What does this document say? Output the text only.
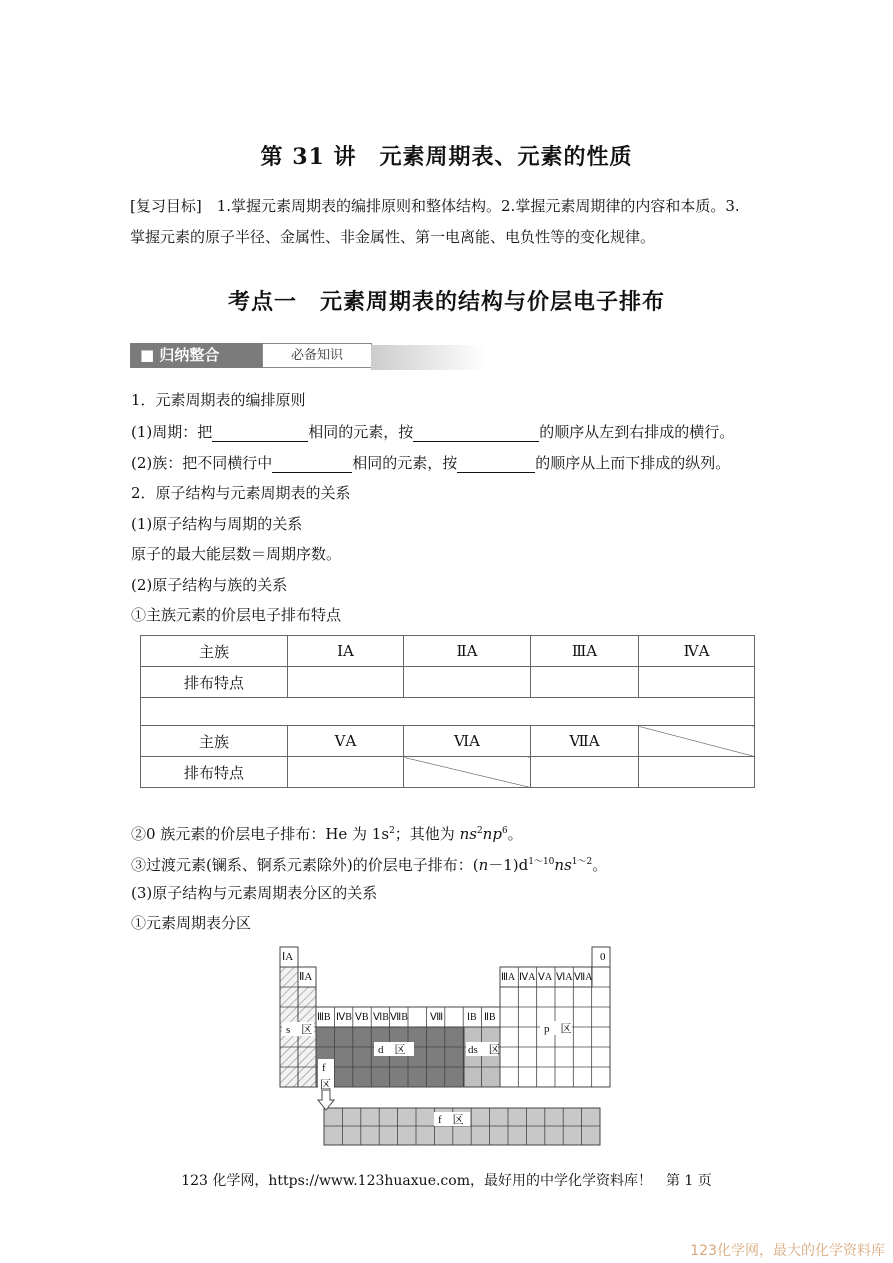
第 31 讲　元素周期表、元素的性质
[复习目标]　1.掌握元素周期表的编排原则和整体结构。2.掌握元素周期律的内容和本质。3.
掌握元素的原子半径、金属性、非金属性、第一电离能、电负性等的变化规律。
考点一　元素周期表的结构与价层电子排布
■ 归纳整合	必备知识
1．元素周期表的编排原则
(1)周期：把	相同的元素，按	的顺序从左到右排成的横行。
(2)族：把不同横行中	相同的元素，按	的顺序从上而下排成的纵列。
2．原子结构与元素周期表的关系
(1)原子结构与周期的关系
原子的最大能层数＝周期序数。
(2)原子结构与族的关系
①主族元素的价层电子排布特点
主族	ⅠA	ⅡA	ⅢA	ⅣA
排布特点				

主族	ⅤA	ⅥA	ⅦA	
排布特点				
②0 族元素的价层电子排布：He 为 $1s^2$；其他为 $ns^2np^6$。
③过渡元素(镧系、锕系元素除外)的价层电子排布：$(n-1)d^{1\sim 10}ns^{1\sim 2}$。
(3)原子结构与元素周期表分区的关系
①元素周期表分区
0
ⅠA
ⅡA
ⅢB ⅣB ⅤB ⅥB ⅦB Ⅷ ⅠB ⅡB
ⅢA ⅣA ⅤA ⅥA ⅦA
s　区
d　区	ds　区
p　区
f
区
f　区
123 化学网，https://www.123huaxue.com，最好用的中学化学资料库！　第 1 页
123化学网，最大的化学资料库
